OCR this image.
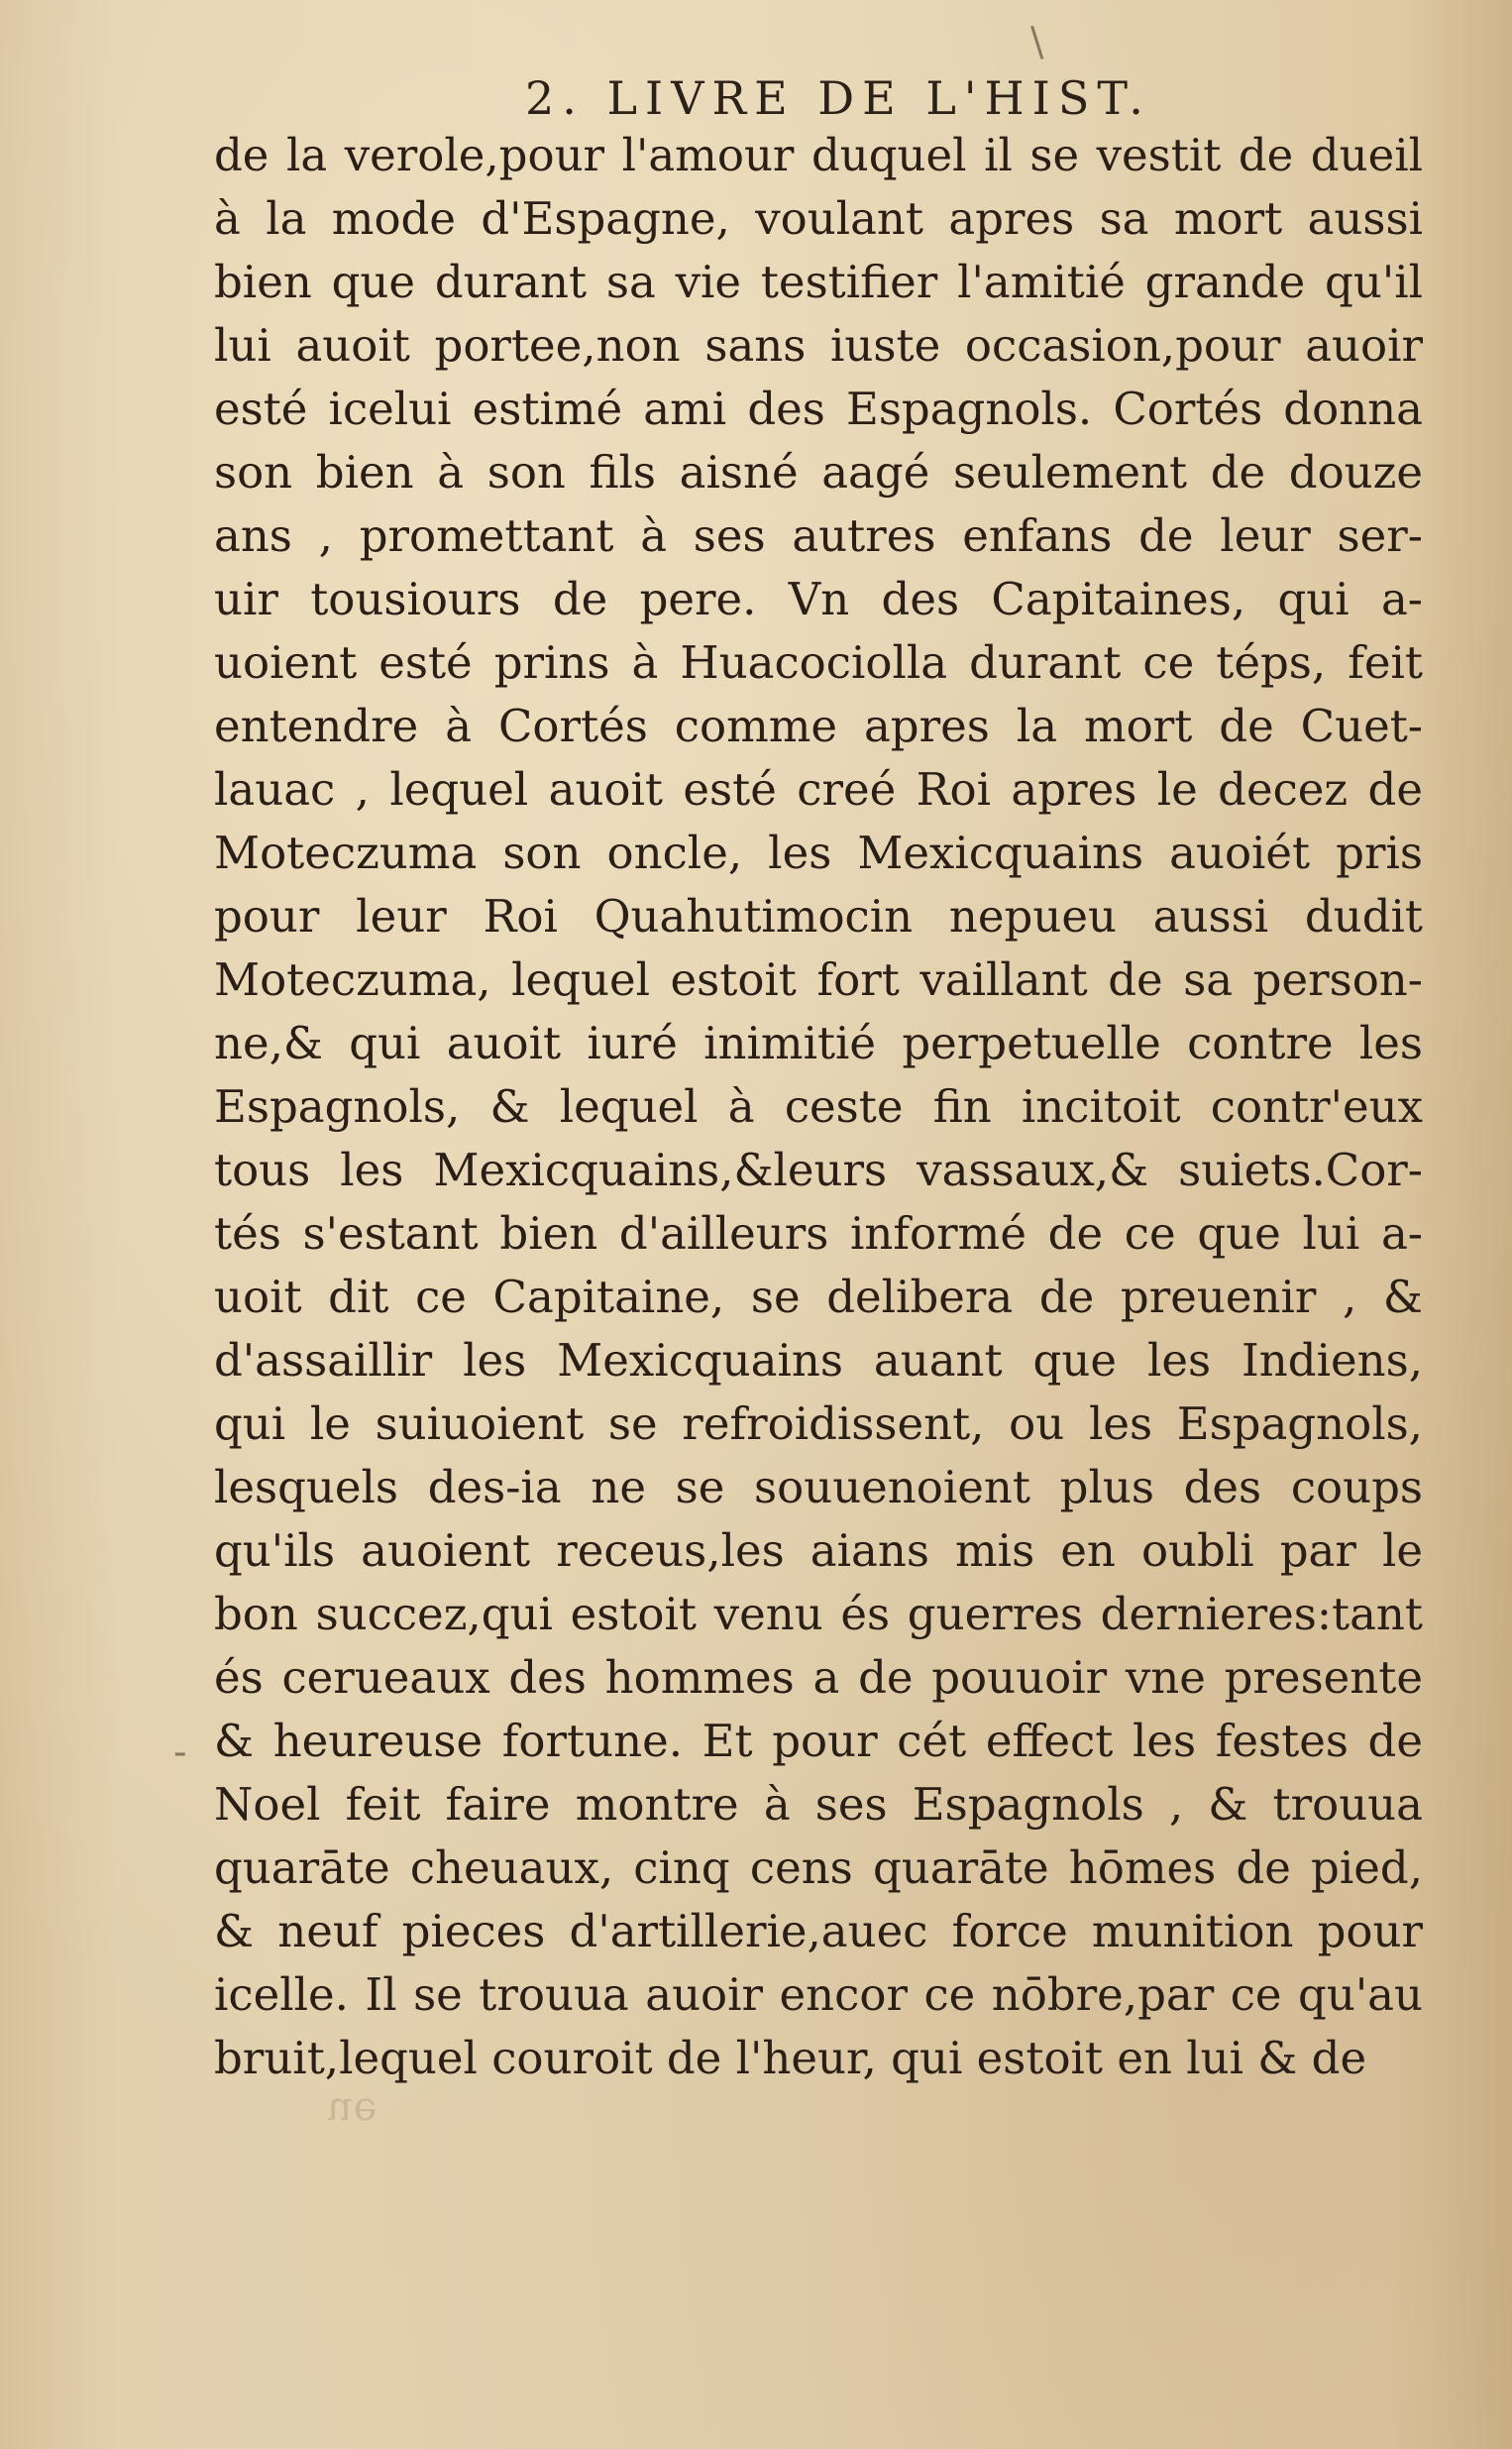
ue
2. LIVRE DE L'HIST.
de la verole,pour l'amour duquel il se vestit de dueil
à la mode d'Espagne, voulant apres sa mort aussi
bien que durant sa vie testifier l'amitié grande qu'il
lui auoit portee,non sans iuste occasion,pour auoir
esté icelui estimé ami des Espagnols. Cortés donna
son bien à son fils aisné aagé seulement de douze
ans , promettant à ses autres enfans de leur ser-
uir tousiours de pere. Vn des Capitaines, qui a-
uoient esté prins à Huacociolla durant ce téps, feit
entendre à Cortés comme apres la mort de Cuet-
lauac , lequel auoit esté creé Roi apres le decez de
Moteczuma son oncle, les Mexicquains auoiét pris
pour leur Roi Quahutimocin nepueu aussi dudit
Moteczuma, lequel estoit fort vaillant de sa person-
ne,& qui auoit iuré inimitié perpetuelle contre les
Espagnols, & lequel à ceste fin incitoit contr'eux
tous les Mexicquains,&leurs vassaux,& suiets.Cor-
tés s'estant bien d'ailleurs informé de ce que lui a-
uoit dit ce Capitaine, se delibera de preuenir , &
d'assaillir les Mexicquains auant que les Indiens,
qui le suiuoient se refroidissent, ou les Espagnols,
lesquels des-ia ne se souuenoient plus des coups
qu'ils auoient receus,les aians mis en oubli par le
bon succez,qui estoit venu és guerres dernieres:tant
és cerueaux des hommes a de pouuoir vne presente
& heureuse fortune. Et pour cét effect les festes de
Noel feit faire montre à ses Espagnols , & trouua
quarāte cheuaux, cinq cens quarāte hōmes de pied,
& neuf pieces d'artillerie,auec force munition pour
icelle. Il se trouua auoir encor ce nōbre,par ce qu'au
bruit,lequel couroit de l'heur, qui estoit en lui & de
\
-
